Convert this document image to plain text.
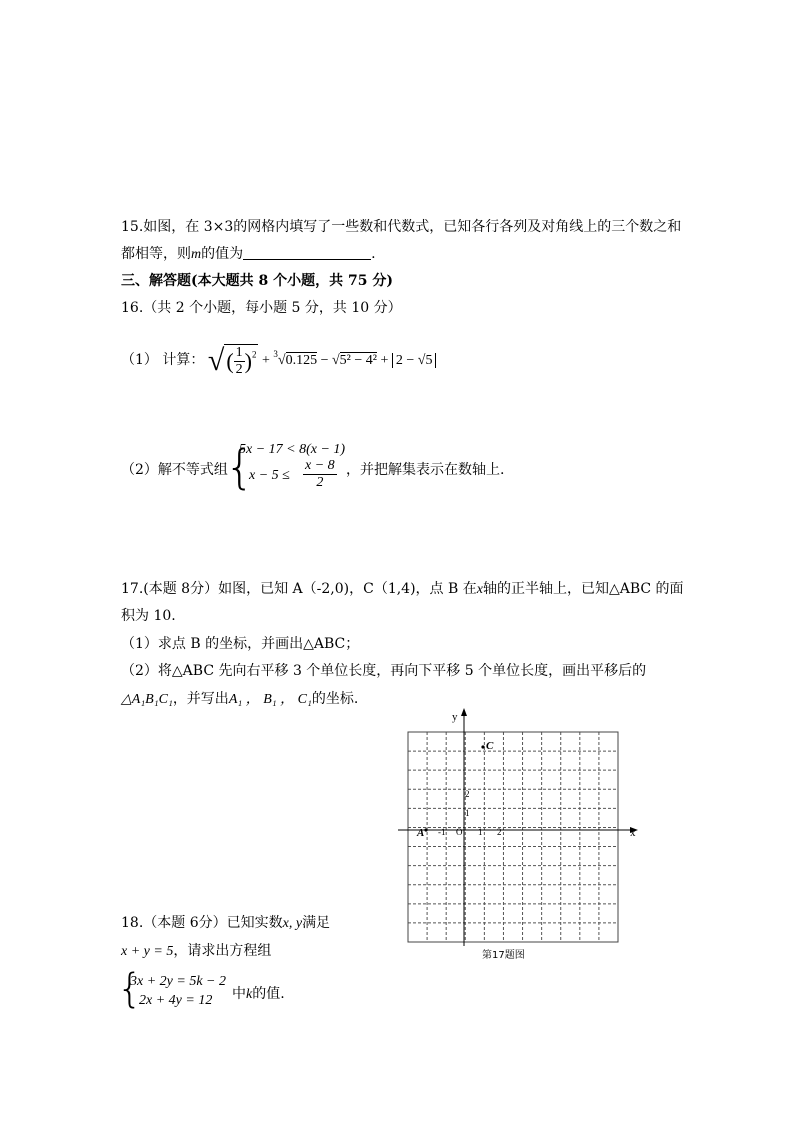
15.如图，在 3×3的网格内填写了一些数和代数式，已知各行各列及对角线上的三个数之和
都相等，则m的值为	.
三、解答题(本大题共 8 个小题，共 75 分)
16.（共 2 个小题，每小题 5 分，共 10 分）
（1） 计算： √( $\frac{1}{2} )^2 + ^3√0.125 - √5^2 - 4^2 + 2 - √5$
（2）解不等式组
{
5x − 17 < 8(x − 1)
$x - 5 \le \frac{x - 8}{2}$ ，并把解集表示在数轴上.
17.(本题 8分）如图，已知 A（-2,0)，C（1,4)，点 B 在x轴的正半轴上，已知△ABC 的面
积为 10.
（1）求点 B 的坐标，并画出△ABC；
（2）将△ABC 先向右平移 3 个单位长度，再向下平移 5 个单位长度，画出平移后的
△A₁B₁C₁，并写出A₁ ， B₁ ， C₁的坐标.
y
x
O
-1	1 2
1
2
A
C
第17题图
18.（本题 6分）已知实数x, y满足
x + y = 5，请求出方程组
{
3x + 2y = 5k − 2
2x + 4y = 12 中k的值.
